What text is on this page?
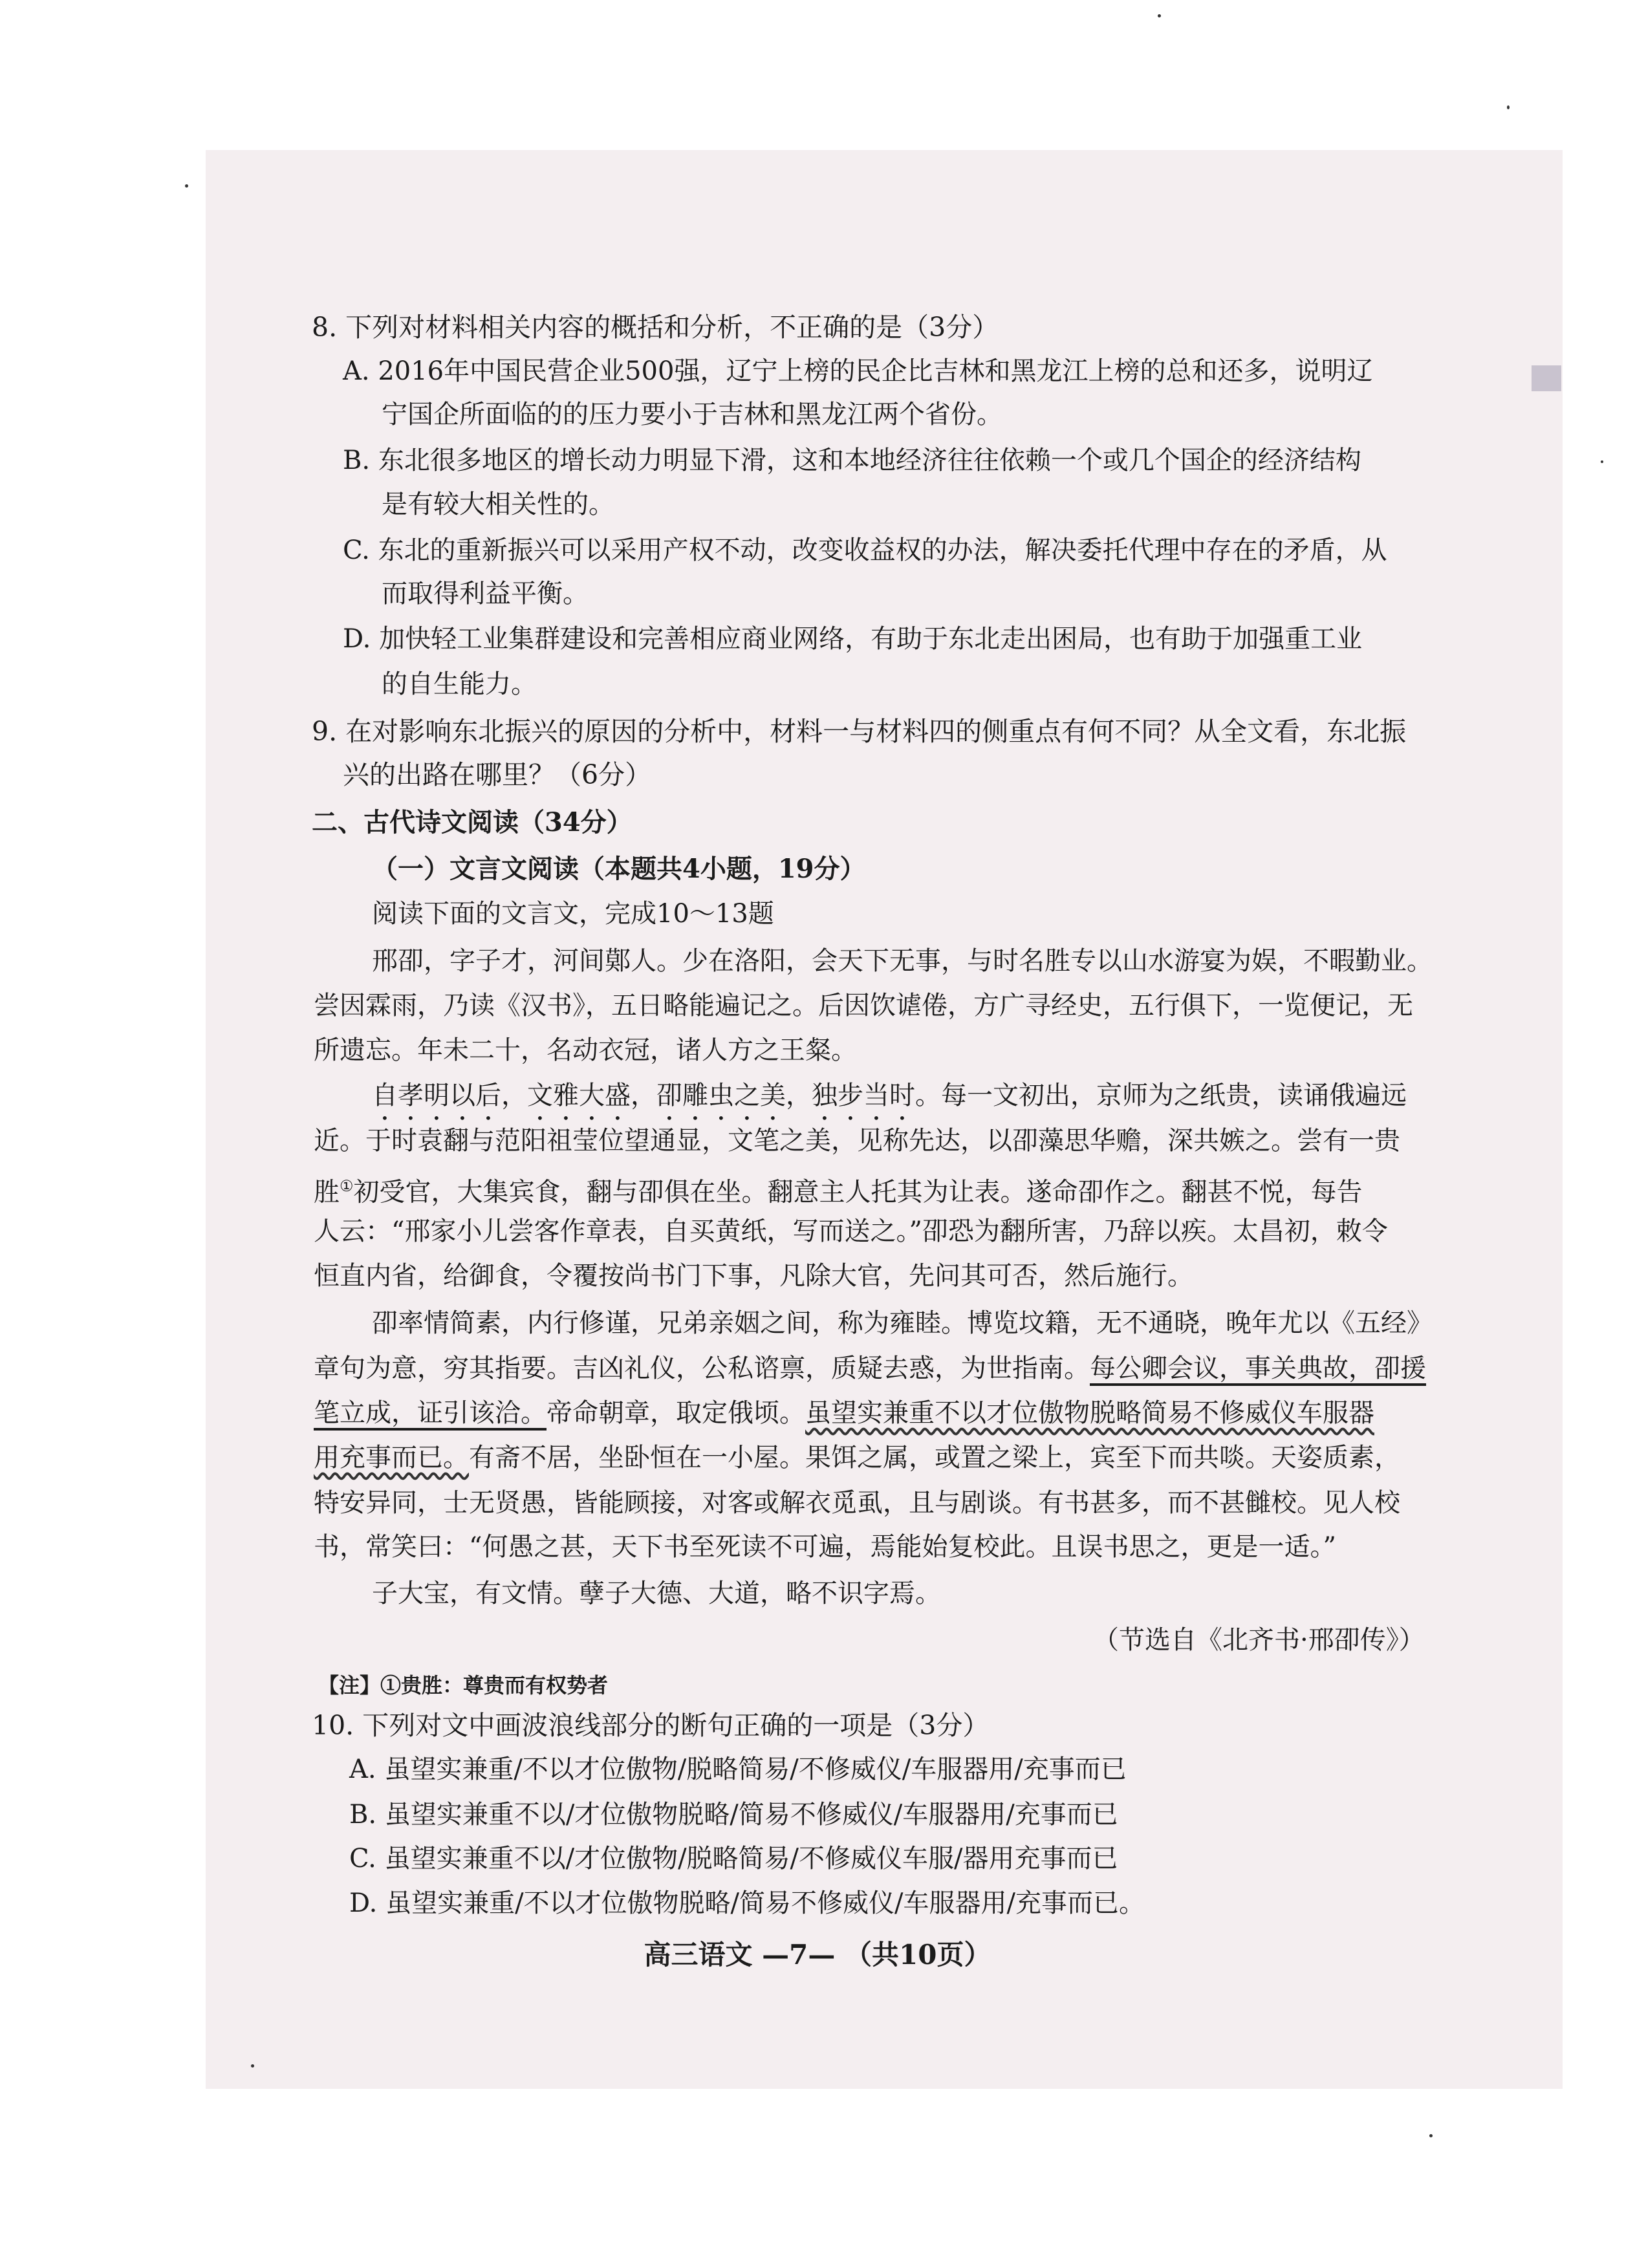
8. 下列对材料相关内容的概括和分析，不正确的是（3分）
A. 2016年中国民营企业500强，辽宁上榜的民企比吉林和黑龙江上榜的总和还多，说明辽
宁国企所面临的的压力要小于吉林和黑龙江两个省份。
B. 东北很多地区的增长动力明显下滑，这和本地经济往往依赖一个或几个国企的经济结构
是有较大相关性的。
C. 东北的重新振兴可以采用产权不动，改变收益权的办法，解决委托代理中存在的矛盾，从
而取得利益平衡。
D. 加快轻工业集群建设和完善相应商业网络，有助于东北走出困局，也有助于加强重工业
的自生能力。
9. 在对影响东北振兴的原因的分析中，材料一与材料四的侧重点有何不同？从全文看，东北振
兴的出路在哪里？（6分）
二、古代诗文阅读（34分）
（一）文言文阅读（本题共4小题，19分）
阅读下面的文言文，完成10～13题
邢卲，字子才，河间鄚人。少在洛阳，会天下无事，与时名胜专以山水游宴为娱，不暇勤业。
尝因霖雨，乃读《汉书》，五日略能遍记之。后因饮谑倦，方广寻经史，五行俱下，一览便记，无
所遗忘。年未二十，名动衣冠，诸人方之王粲。
自孝明以后，文雅大盛，卲雕虫之美，独步当时。每一文初出，京师为之纸贵，读诵俄遍远
近。于时袁翻与范阳祖莹位望通显，文笔之美，见称先达，以卲藻思华赡，深共嫉之。尝有一贵
胜①初受官，大集宾食，翻与卲俱在坐。翻意主人托其为让表。遂命卲作之。翻甚不悦，每告
人云：“邢家小儿尝客作章表，自买黄纸，写而送之。”卲恐为翻所害，乃辞以疾。太昌初，敕令
恒直内省，给御食，令覆按尚书门下事，凡除大官，先问其可否，然后施行。
卲率情简素，内行修谨，兄弟亲姻之间，称为雍睦。博览坟籍，无不通晓，晚年尤以《五经》
章句为意，穷其指要。吉凶礼仪，公私谘禀，质疑去惑，为世指南。每公卿会议，事关典故，卲援
笔立成，证引该洽。帝命朝章，取定俄顷。虽望实兼重不以才位傲物脱略简易不修威仪车服器
用充事而已。有斋不居，坐卧恒在一小屋。果饵之属，或置之梁上，宾至下而共啖。天姿质素，
特安异同，士无贤愚，皆能顾接，对客或解衣觅虱，且与剧谈。有书甚多，而不甚雠校。见人校
书，常笑曰：“何愚之甚，天下书至死读不可遍，焉能始复校此。且误书思之，更是一适。”
子大宝，有文情。孽子大德、大道，略不识字焉。
（节选自《北齐书·邢卲传》）
【注】①贵胜：尊贵而有权势者
10. 下列对文中画波浪线部分的断句正确的一项是（3分）
A. 虽望实兼重/不以才位傲物/脱略简易/不修威仪/车服器用/充事而已
B. 虽望实兼重不以/才位傲物脱略/简易不修威仪/车服器用/充事而已
C. 虽望实兼重不以/才位傲物/脱略简易/不修威仪车服/器用充事而已
D. 虽望实兼重/不以才位傲物脱略/简易不修威仪/车服器用/充事而已。
高三语文 —7— （共10页）
